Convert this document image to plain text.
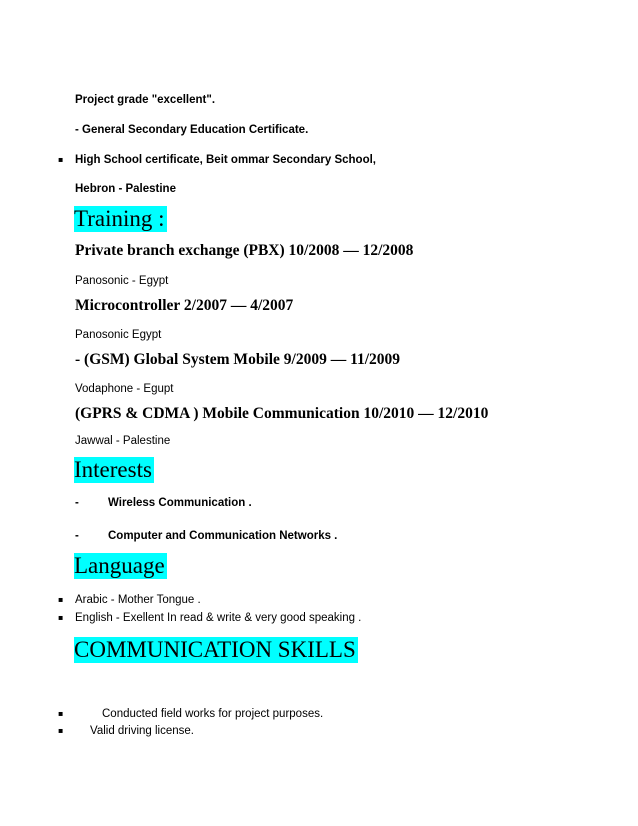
Project grade "excellent".
- General Secondary Education Certificate.
▪ High School certificate, Beit ommar Secondary School,
Hebron - Palestine
Training :
Private branch exchange (PBX) 10/2008 — 12/2008
Panosonic - Egypt
Microcontroller 2/2007 — 4/2007
Panosonic Egypt
- (GSM) Global System Mobile 9/2009 — 11/2009
Vodaphone - Egupt
(GPRS & CDMA ) Mobile Communication 10/2010 — 12/2010
Jawwal - Palestine
Interests
-	Wireless Communication .
-	Computer and Communication Networks .
Language
▪ Arabic - Mother Tongue .
▪ English - Exellent In read & write & very good speaking .
COMMUNICATION SKILLS
▪	Conducted field works for project purposes.
▪ Valid driving license.
